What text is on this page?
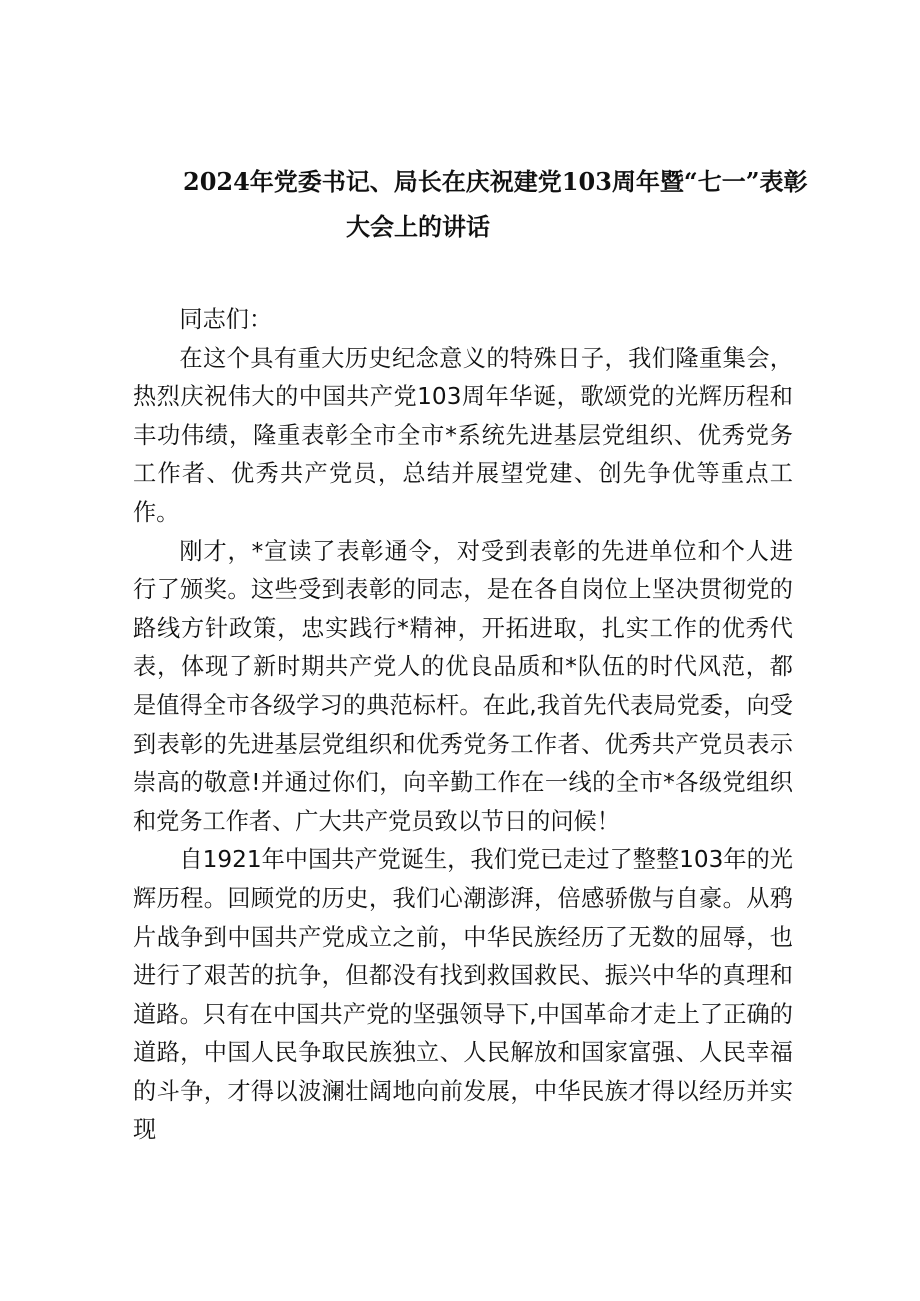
2024年党委书记、局长在庆祝建党103周年暨“七一”表彰
大会上的讲话

同志们：

在这个具有重大历史纪念意义的特殊日子，我们隆重集会，热烈庆祝伟大的中国共产党103周年华诞，歌颂党的光辉历程和丰功伟绩，隆重表彰全市全市*系统先进基层党组织、优秀党务工作者、优秀共产党员，总结并展望党建、创先争优等重点工作。

刚才，*宣读了表彰通令，对受到表彰的先进单位和个人进行了颁奖。这些受到表彰的同志，是在各自岗位上坚决贯彻党的路线方针政策，忠实践行*精神，开拓进取，扎实工作的优秀代表，体现了新时期共产党人的优良品质和*队伍的时代风范，都是值得全市各级学习的典范标杆。在此,我首先代表局党委，向受到表彰的先进基层党组织和优秀党务工作者、优秀共产党员表示崇高的敬意!并通过你们，向辛勤工作在一线的全市*各级党组织和党务工作者、广大共产党员致以节日的问候！

自1921年中国共产党诞生，我们党已走过了整整103年的光辉历程。回顾党的历史，我们心潮澎湃，倍感骄傲与自豪。从鸦片战争到中国共产党成立之前，中华民族经历了无数的屈辱，也进行了艰苦的抗争，但都没有找到救国救民、振兴中华的真理和道路。只有在中国共产党的坚强领导下,中国革命才走上了正确的道路，中国人民争取民族独立、人民解放和国家富强、人民幸福的斗争，才得以波澜壮阔地向前发展，中华民族才得以经历并实现
